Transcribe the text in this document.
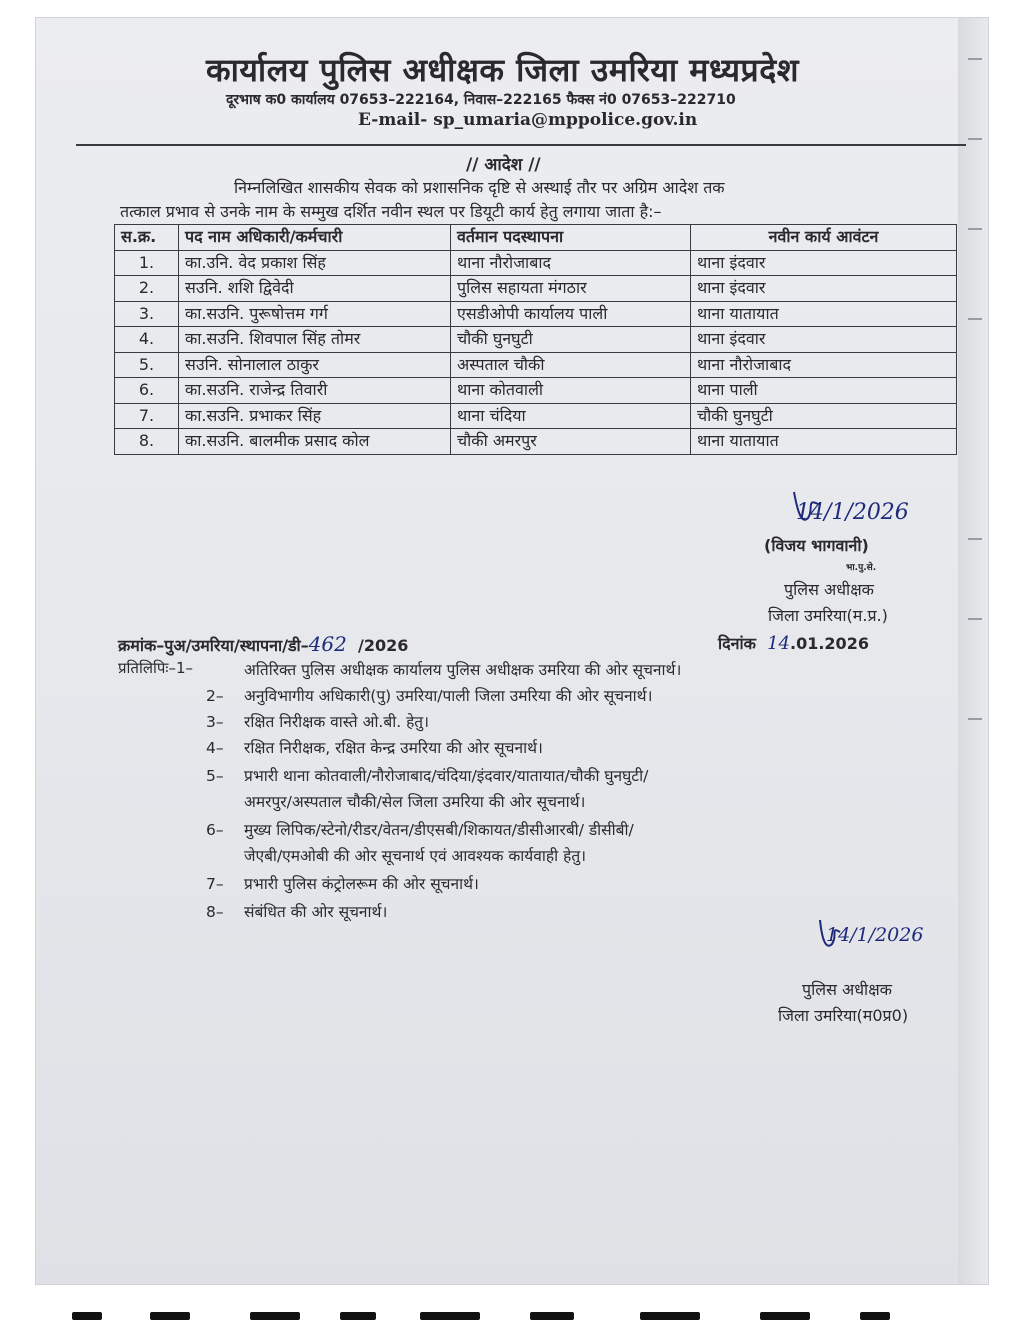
कार्यालय पुलिस अधीक्षक जिला उमरिया मध्यप्रदेश
दूरभाष क0 कार्यालय 07653–222164, निवास–222165 फैक्स नं0 07653–222710
E-mail- sp_umaria@mppolice.gov.in
// आदेश //
निम्नलिखित शासकीय सेवक को प्रशासनिक दृष्टि से अस्थाई तौर पर अग्रिम आदेश तक
तत्काल प्रभाव से उनके नाम के सम्मुख दर्शित नवीन स्थल पर डियूटी कार्य हेतु लगाया जाता है:–
स.क्र.	पद नाम अधिकारी/कर्मचारी	वर्तमान पदस्थापना	नवीन कार्य आवंटन
1.	का.उनि. वेद प्रकाश सिंह	थाना नौरोजाबाद	थाना इंदवार
2.	सउनि. शशि द्विवेदी	पुलिस सहायता मंगठार	थाना इंदवार
3.	का.सउनि. पुरूषोत्तम गर्ग	एसडीओपी कार्यालय पाली	थाना यातायात
4.	का.सउनि. शिवपाल सिंह तोमर	चौकी घुनघुटी	थाना इंदवार
5.	सउनि. सोनालाल ठाकुर	अस्पताल चौकी	थाना नौरोजाबाद
6.	का.सउनि. राजेन्द्र तिवारी	थाना कोतवाली	थाना पाली
7.	का.सउनि. प्रभाकर सिंह	थाना चंदिया	चौकी घुनघुटी
8.	का.सउनि. बालमीक प्रसाद कोल	चौकी अमरपुर	थाना यातायात
14/1/2026
(विजय भागवानी)
भा.पु.से.
पुलिस अधीक्षक
जिला उमरिया(म.प्र.)
क्रमांक–पुअ/उमरिया/स्थापना/डी–462 /2026	दिनांक 14.01.2026
प्रतिलिपिः–1–	अतिरिक्त पुलिस अधीक्षक कार्यालय पुलिस अधीक्षक उमरिया की ओर सूचनार्थ।
2– अनुविभागीय अधिकारी(पु) उमरिया/पाली जिला उमरिया की ओर सूचनार्थ।
3– रक्षित निरीक्षक वास्ते ओ.बी. हेतु।
4– रक्षित निरीक्षक, रक्षित केन्द्र उमरिया की ओर सूचनार्थ।
5– प्रभारी थाना कोतवाली/नौरोजाबाद/चंदिया/इंदवार/यातायात/चौकी घुनघुटी/
अमरपुर/अस्पताल चौकी/सेल जिला उमरिया की ओर सूचनार्थ।
6– मुख्य लिपिक/स्टेनो/रीडर/वेतन/डीएसबी/शिकायत/डीसीआरबी/ डीसीबी/
जेएबी/एमओबी की ओर सूचनार्थ एवं आवश्यक कार्यवाही हेतु।
7– प्रभारी पुलिस कंट्रोलरूम की ओर सूचनार्थ।
8– संबंधित की ओर सूचनार्थ।
14/1/2026
पुलिस अधीक्षक
जिला उमरिया(म0प्र0)
